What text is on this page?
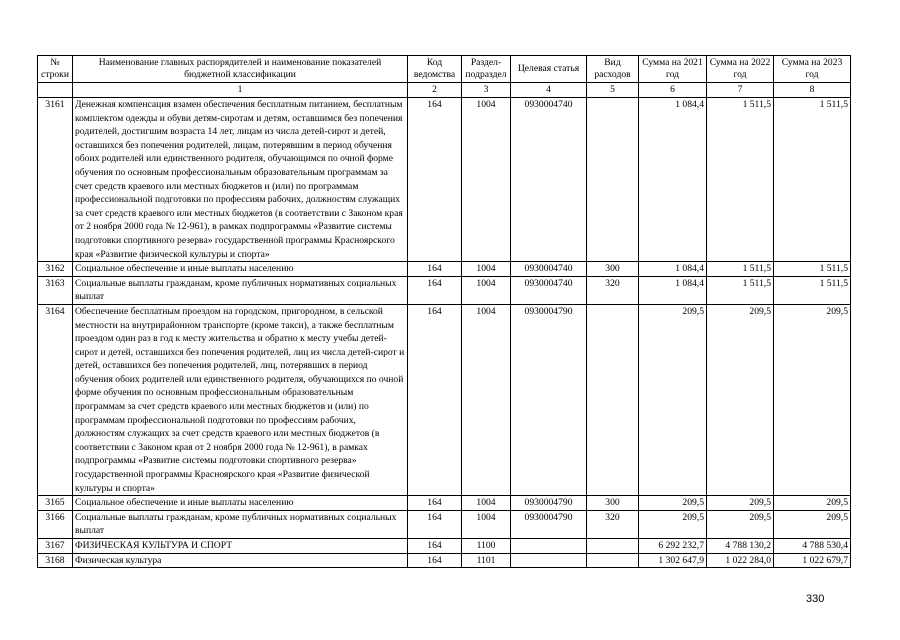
№ строки	Наименование главных распорядителей и наименование показателей бюджетной классификации	Код ведомства	Раздел-подраздел	Целевая статья	Вид расходов	Сумма на 2021 год	Сумма на 2022 год	Сумма на 2023 год
	1	2	3	4	5	6	7	8
3161	Денежная компенсация взамен обеспечения бесплатным питанием, бесплатным комплектом одежды и обуви детям-сиротам и детям, оставшимся без попечения родителей, достигшим возраста 14 лет, лицам из числа детей-сирот и детей, оставшихся без попечения родителей, лицам, потерявшим в период обучения обоих родителей или единственного родителя, обучающимся по очной форме обучения по основным профессиональным образовательным программам за счет средств краевого или местных бюджетов и (или) по программам профессиональной подготовки по профессиям рабочих, должностям служащих за счет средств краевого или местных бюджетов (в соответствии с Законом края от 2 ноября 2000 года № 12-961), в рамках подпрограммы «Развитие системы подготовки спортивного резерва» государственной программы Красноярского края «Развитие физической культуры и спорта»	164	1004	0930004740		1 084,4	1 511,5	1 511,5
3162	Социальное обеспечение и иные выплаты населению	164	1004	0930004740	300	1 084,4	1 511,5	1 511,5
3163	Социальные выплаты гражданам, кроме публичных нормативных социальных выплат	164	1004	0930004740	320	1 084,4	1 511,5	1 511,5
3164	Обеспечение бесплатным проездом на городском, пригородном, в сельской местности на внутрирайонном транспорте (кроме такси), а также бесплатным проездом один раз в год к месту жительства и обратно к месту учебы детей-сирот и детей, оставшихся без попечения родителей, лиц из числа детей-сирот и детей, оставшихся без попечения родителей, лиц, потерявших в период обучения обоих родителей или единственного родителя, обучающихся по очной форме обучения по основным профессиональным образовательным программам за счет средств краевого или местных бюджетов и (или) по программам профессиональной подготовки по профессиям рабочих, должностям служащих за счет средств краевого или местных бюджетов (в соответствии с Законом края от 2 ноября 2000 года № 12-961), в рамках подпрограммы «Развитие системы подготовки спортивного резерва» государственной программы Красноярского края «Развитие физической культуры и спорта»	164	1004	0930004790		209,5	209,5	209,5
3165	Социальное обеспечение и иные выплаты населению	164	1004	0930004790	300	209,5	209,5	209,5
3166	Социальные выплаты гражданам, кроме публичных нормативных социальных выплат	164	1004	0930004790	320	209,5	209,5	209,5
3167	ФИЗИЧЕСКАЯ КУЛЬТУРА И СПОРТ	164	1100			6 292 232,7	4 788 130,2	4 788 530,4
3168	Физическая культура	164	1101			1 302 647,9	1 022 284,0	1 022 679,7
330
